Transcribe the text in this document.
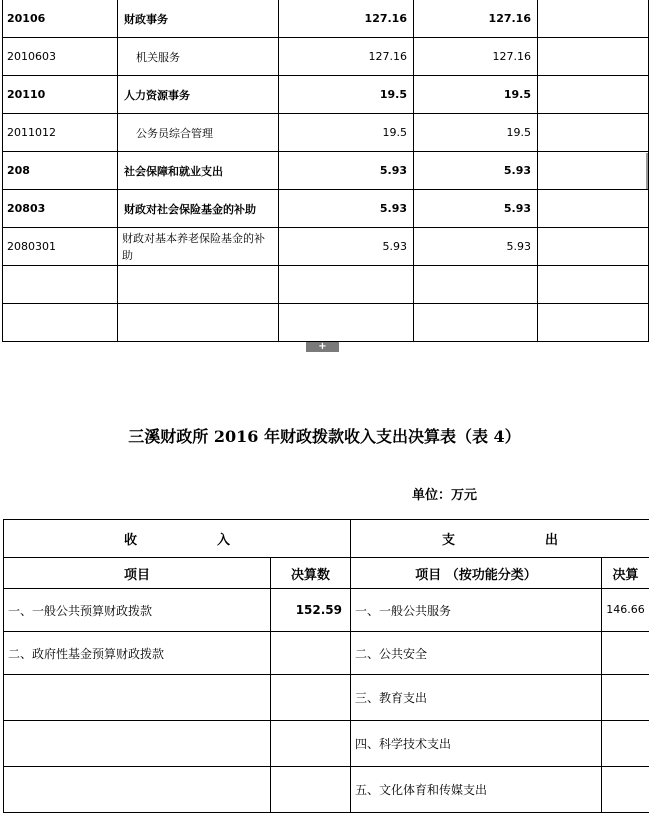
20106	财政事务	127.16	127.16	
2010603	机关服务	127.16	127.16	
20110	人力资源事务	19.5	19.5	
2011012	公务员综合管理	19.5	19.5	
208	社会保障和就业支出	5.93	5.93	
20803	财政对社会保险基金的补助	5.93	5.93	
2080301	财政对基本养老保险基金的补助	5.93	5.93	

+
三溪财政所 2016 年财政拨款收入支出决算表（表 4）
单位：万元
收 入		支 出	
项目	决算数	项目 （按功能分类）	决算
一、一般公共预算财政拨款	152.59	一、一般公共服务	146.66
二、政府性基金预算财政拨款		二、公共安全	
		三、教育支出	
		四、科学技术支出	
		五、文化体育和传媒支出	
